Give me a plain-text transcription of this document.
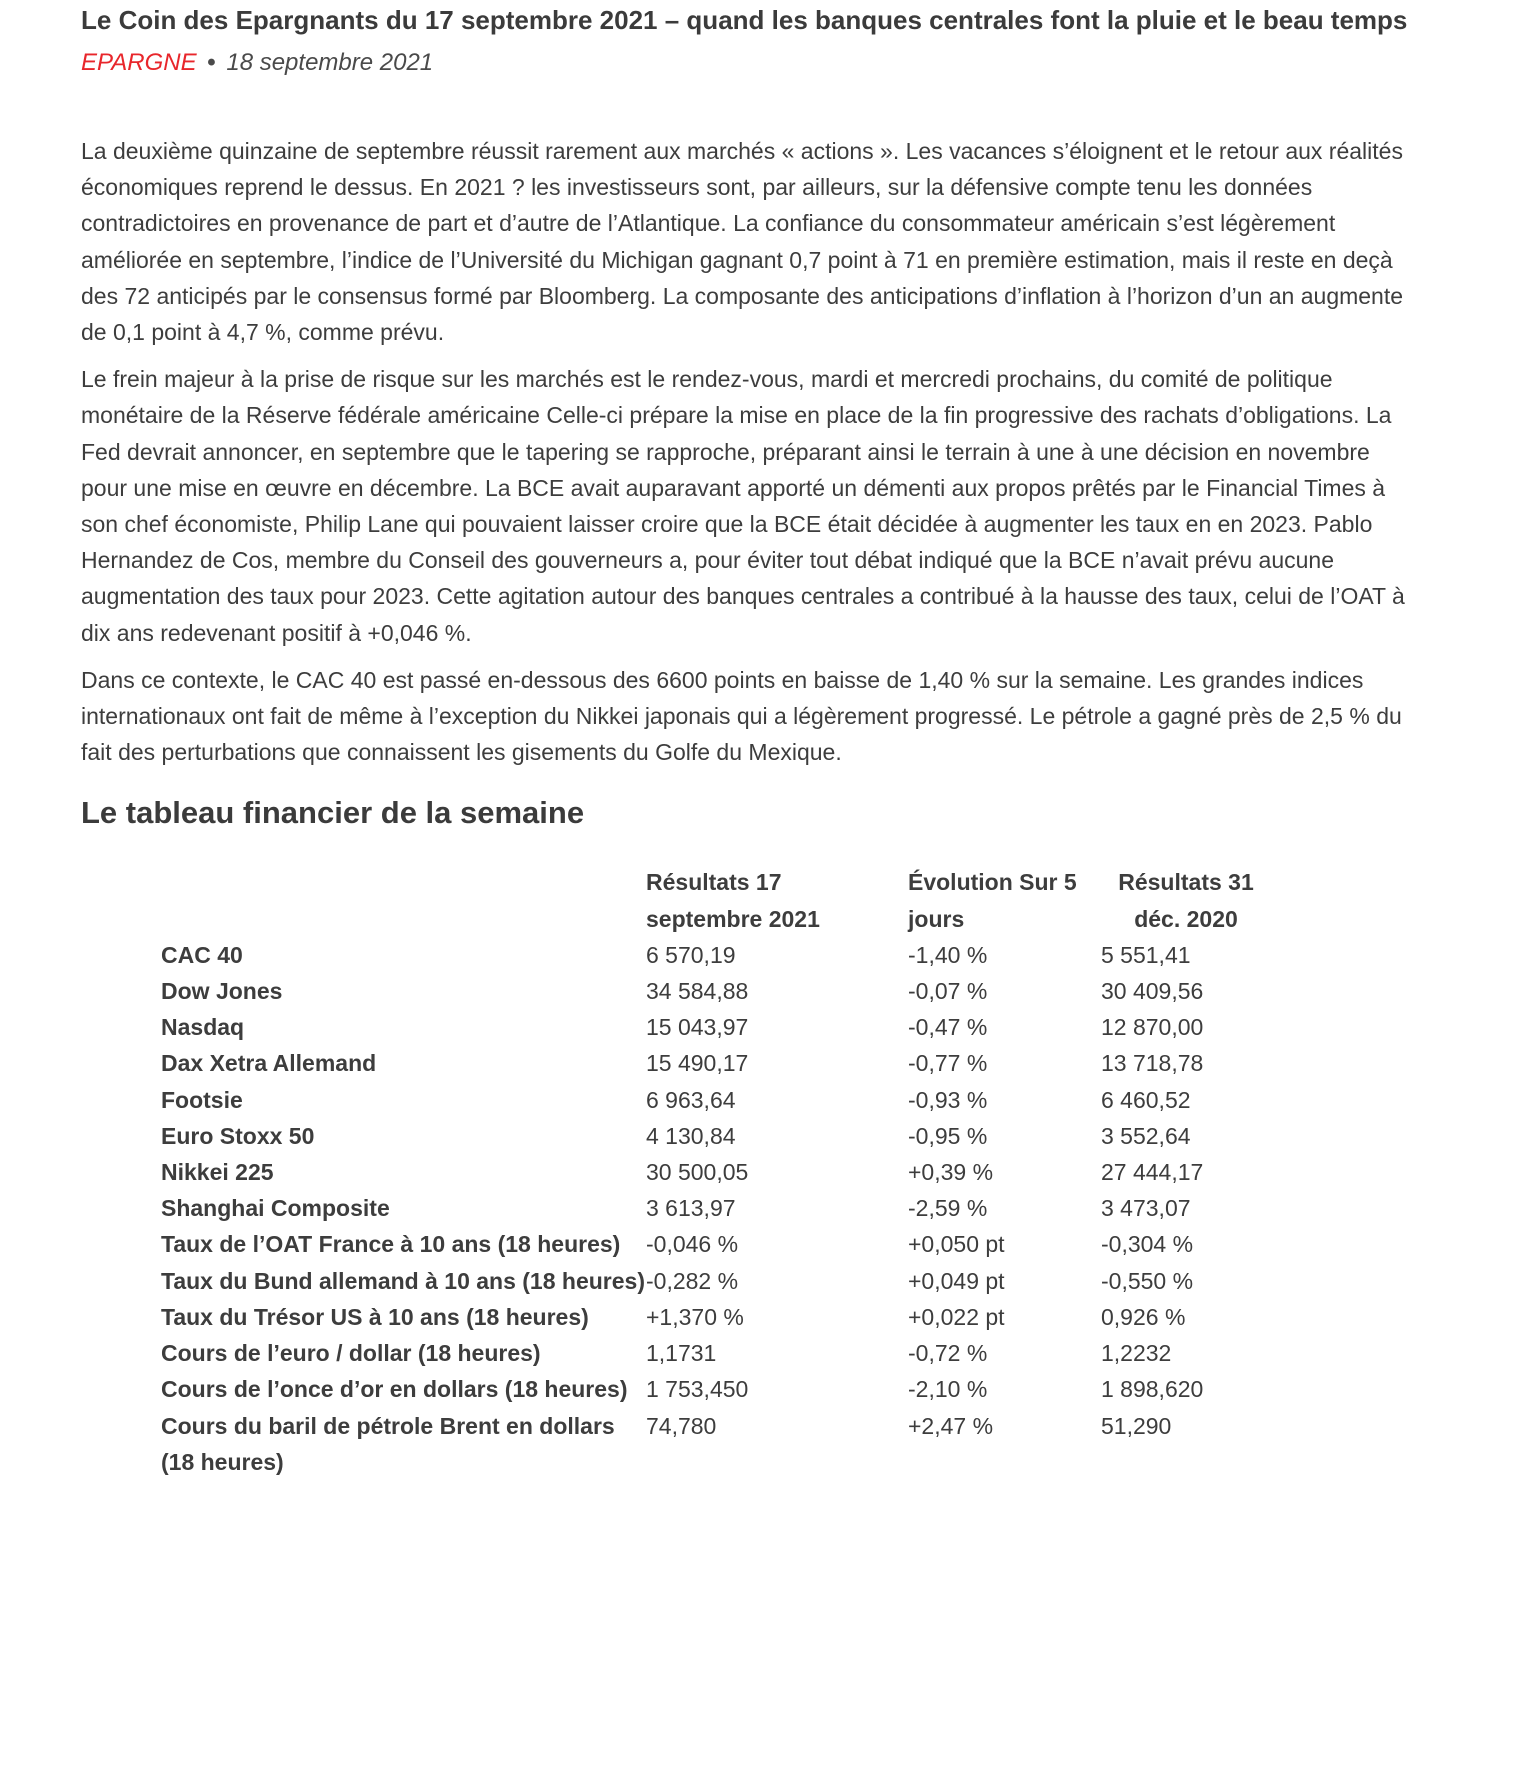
Le Coin des Epargnants du 17 septembre 2021 – quand les banques centrales font la pluie et le beau temps
EPARGNE • 18 septembre 2021

La deuxième quinzaine de septembre réussit rarement aux marchés « actions ». Les vacances s’éloignent et le retour aux réalités économiques reprend le dessus. En 2021 ? les investisseurs sont, par ailleurs, sur la défensive compte tenu les données contradictoires en provenance de part et d’autre de l’Atlantique. La confiance du consommateur américain s’est légèrement améliorée en septembre, l’indice de l’Université du Michigan gagnant 0,7 point à 71 en première estimation, mais il reste en deçà des 72 anticipés par le consensus formé par Bloomberg. La composante des anticipations d’inflation à l’horizon d’un an augmente de 0,1 point à 4,7 %, comme prévu.

Le frein majeur à la prise de risque sur les marchés est le rendez-vous, mardi et mercredi prochains, du comité de politique monétaire de la Réserve fédérale américaine Celle-ci prépare la mise en place de la fin progressive des rachats d’obligations. La Fed devrait annoncer, en septembre que le tapering se rapproche, préparant ainsi le terrain à une à une décision en novembre pour une mise en œuvre en décembre. La BCE avait auparavant apporté un démenti aux propos prêtés par le Financial Times à son chef économiste, Philip Lane qui pouvaient laisser croire que la BCE était décidée à augmenter les taux en en 2023. Pablo Hernandez de Cos, membre du Conseil des gouverneurs a, pour éviter tout débat indiqué que la BCE n’avait prévu aucune augmentation des taux pour 2023. Cette agitation autour des banques centrales a contribué à la hausse des taux, celui de l’OAT à dix ans redevenant positif à +0,046 %.

Dans ce contexte, le CAC 40 est passé en-dessous des 6600 points en baisse de 1,40 % sur la semaine. Les grandes indices internationaux ont fait de même à l’exception du Nikkei japonais qui a légèrement progressé. Le pétrole a gagné près de 2,5 % du fait des perturbations que connaissent les gisements du Golfe du Mexique.

Le tableau financier de la semaine

	Résultats 17
septembre 2021	Évolution Sur 5
jours	Résultats 31
déc. 2020

CAC 40	6 570,19	-1,40 %	5 551,41
Dow Jones	34 584,88	-0,07 %	30 409,56
Nasdaq	15 043,97	-0,47 %	12 870,00
Dax Xetra Allemand	15 490,17	-0,77 %	13 718,78
Footsie	6 963,64	-0,93 %	6 460,52
Euro Stoxx 50	4 130,84	-0,95 %	3 552,64
Nikkei 225	30 500,05	+0,39 %	27 444,17
Shanghai Composite	3 613,97	-2,59 %	3 473,07
Taux de l’OAT France à 10 ans (18 heures)	-0,046 %	+0,050 pt	-0,304 %
Taux du Bund allemand à 10 ans (18 heures)	-0,282 %	+0,049 pt	-0,550 %
Taux du Trésor US à 10 ans (18 heures)	+1,370 %	+0,022 pt	0,926 %
Cours de l’euro / dollar (18 heures)	1,1731	-0,72 %	1,2232
Cours de l’once d’or en dollars (18 heures)	1 753,450	-2,10 %	1 898,620
Cours du baril de pétrole Brent en dollars (18 heures)	74,780	+2,47 %	51,290
